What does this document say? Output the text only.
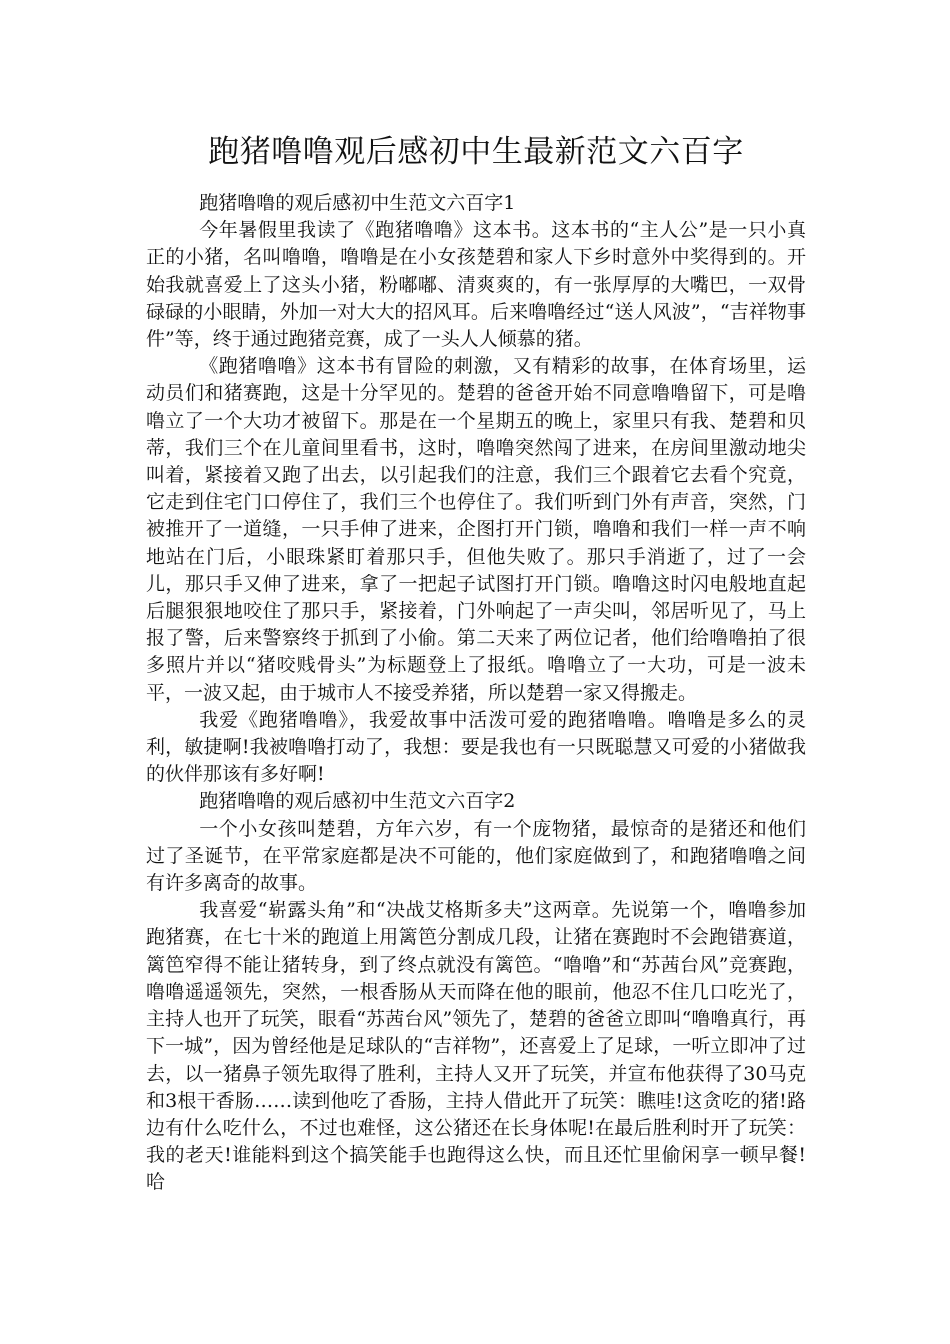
跑猪噜噜观后感初中生最新范文六百字

跑猪噜噜的观后感初中生范文六百字1

今年暑假里我读了《跑猪噜噜》这本书。这本书的“主人公”是一只小真正的小猪，名叫噜噜，噜噜是在小女孩楚碧和家人下乡时意外中奖得到的。开始我就喜爱上了这头小猪，粉嘟嘟、清爽爽的，有一张厚厚的大嘴巴，一双骨碌碌的小眼睛，外加一对大大的招风耳。后来噜噜经过“送人风波”，“吉祥物事件”等，终于通过跑猪竞赛，成了一头人人倾慕的猪。

《跑猪噜噜》这本书有冒险的刺激，又有精彩的故事，在体育场里，运动员们和猪赛跑，这是十分罕见的。楚碧的爸爸开始不同意噜噜留下，可是噜噜立了一个大功才被留下。那是在一个星期五的晚上，家里只有我、楚碧和贝蒂，我们三个在儿童间里看书，这时，噜噜突然闯了进来，在房间里激动地尖叫着，紧接着又跑了出去，以引起我们的注意，我们三个跟着它去看个究竟，它走到住宅门口停住了，我们三个也停住了。我们听到门外有声音，突然，门被推开了一道缝，一只手伸了进来，企图打开门锁，噜噜和我们一样一声不响地站在门后，小眼珠紧盯着那只手，但他失败了。那只手消逝了，过了一会儿，那只手又伸了进来，拿了一把起子试图打开门锁。噜噜这时闪电般地直起后腿狠狠地咬住了那只手，紧接着，门外响起了一声尖叫，邻居听见了，马上报了警，后来警察终于抓到了小偷。第二天来了两位记者，他们给噜噜拍了很多照片并以“猪咬贱骨头”为标题登上了报纸。噜噜立了一大功，可是一波未平，一波又起，由于城市人不接受养猪，所以楚碧一家又得搬走。

我爱《跑猪噜噜》，我爱故事中活泼可爱的跑猪噜噜。噜噜是多么的灵利，敏捷啊!我被噜噜打动了，我想：要是我也有一只既聪慧又可爱的小猪做我的伙伴那该有多好啊!

跑猪噜噜的观后感初中生范文六百字2

一个小女孩叫楚碧，方年六岁，有一个庞物猪，最惊奇的是猪还和他们过了圣诞节，在平常家庭都是决不可能的，他们家庭做到了，和跑猪噜噜之间有许多离奇的故事。

我喜爱“崭露头角”和“决战艾格斯多夫”这两章。先说第一个，噜噜参加跑猪赛，在七十米的跑道上用篱笆分割成几段，让猪在赛跑时不会跑错赛道，篱笆窄得不能让猪转身，到了终点就没有篱笆。“噜噜”和“苏茜台风”竞赛跑，噜噜遥遥领先，突然，一根香肠从天而降在他的眼前，他忍不住几口吃光了，主持人也开了玩笑，眼看“苏茜台风”领先了，楚碧的爸爸立即叫“噜噜真行，再下一城”，因为曾经他是足球队的“吉祥物”，还喜爱上了足球，一听立即冲了过去，以一猪鼻子领先取得了胜利，主持人又开了玩笑，并宣布他获得了30马克和3根干香肠……读到他吃了香肠，主持人借此开了玩笑：瞧哇!这贪吃的猪!路边有什么吃什么，不过也难怪，这公猪还在长身体呢!在最后胜利时开了玩笑：我的老天!谁能料到这个搞笑能手也跑得这么快，而且还忙里偷闲享一顿早餐!哈
